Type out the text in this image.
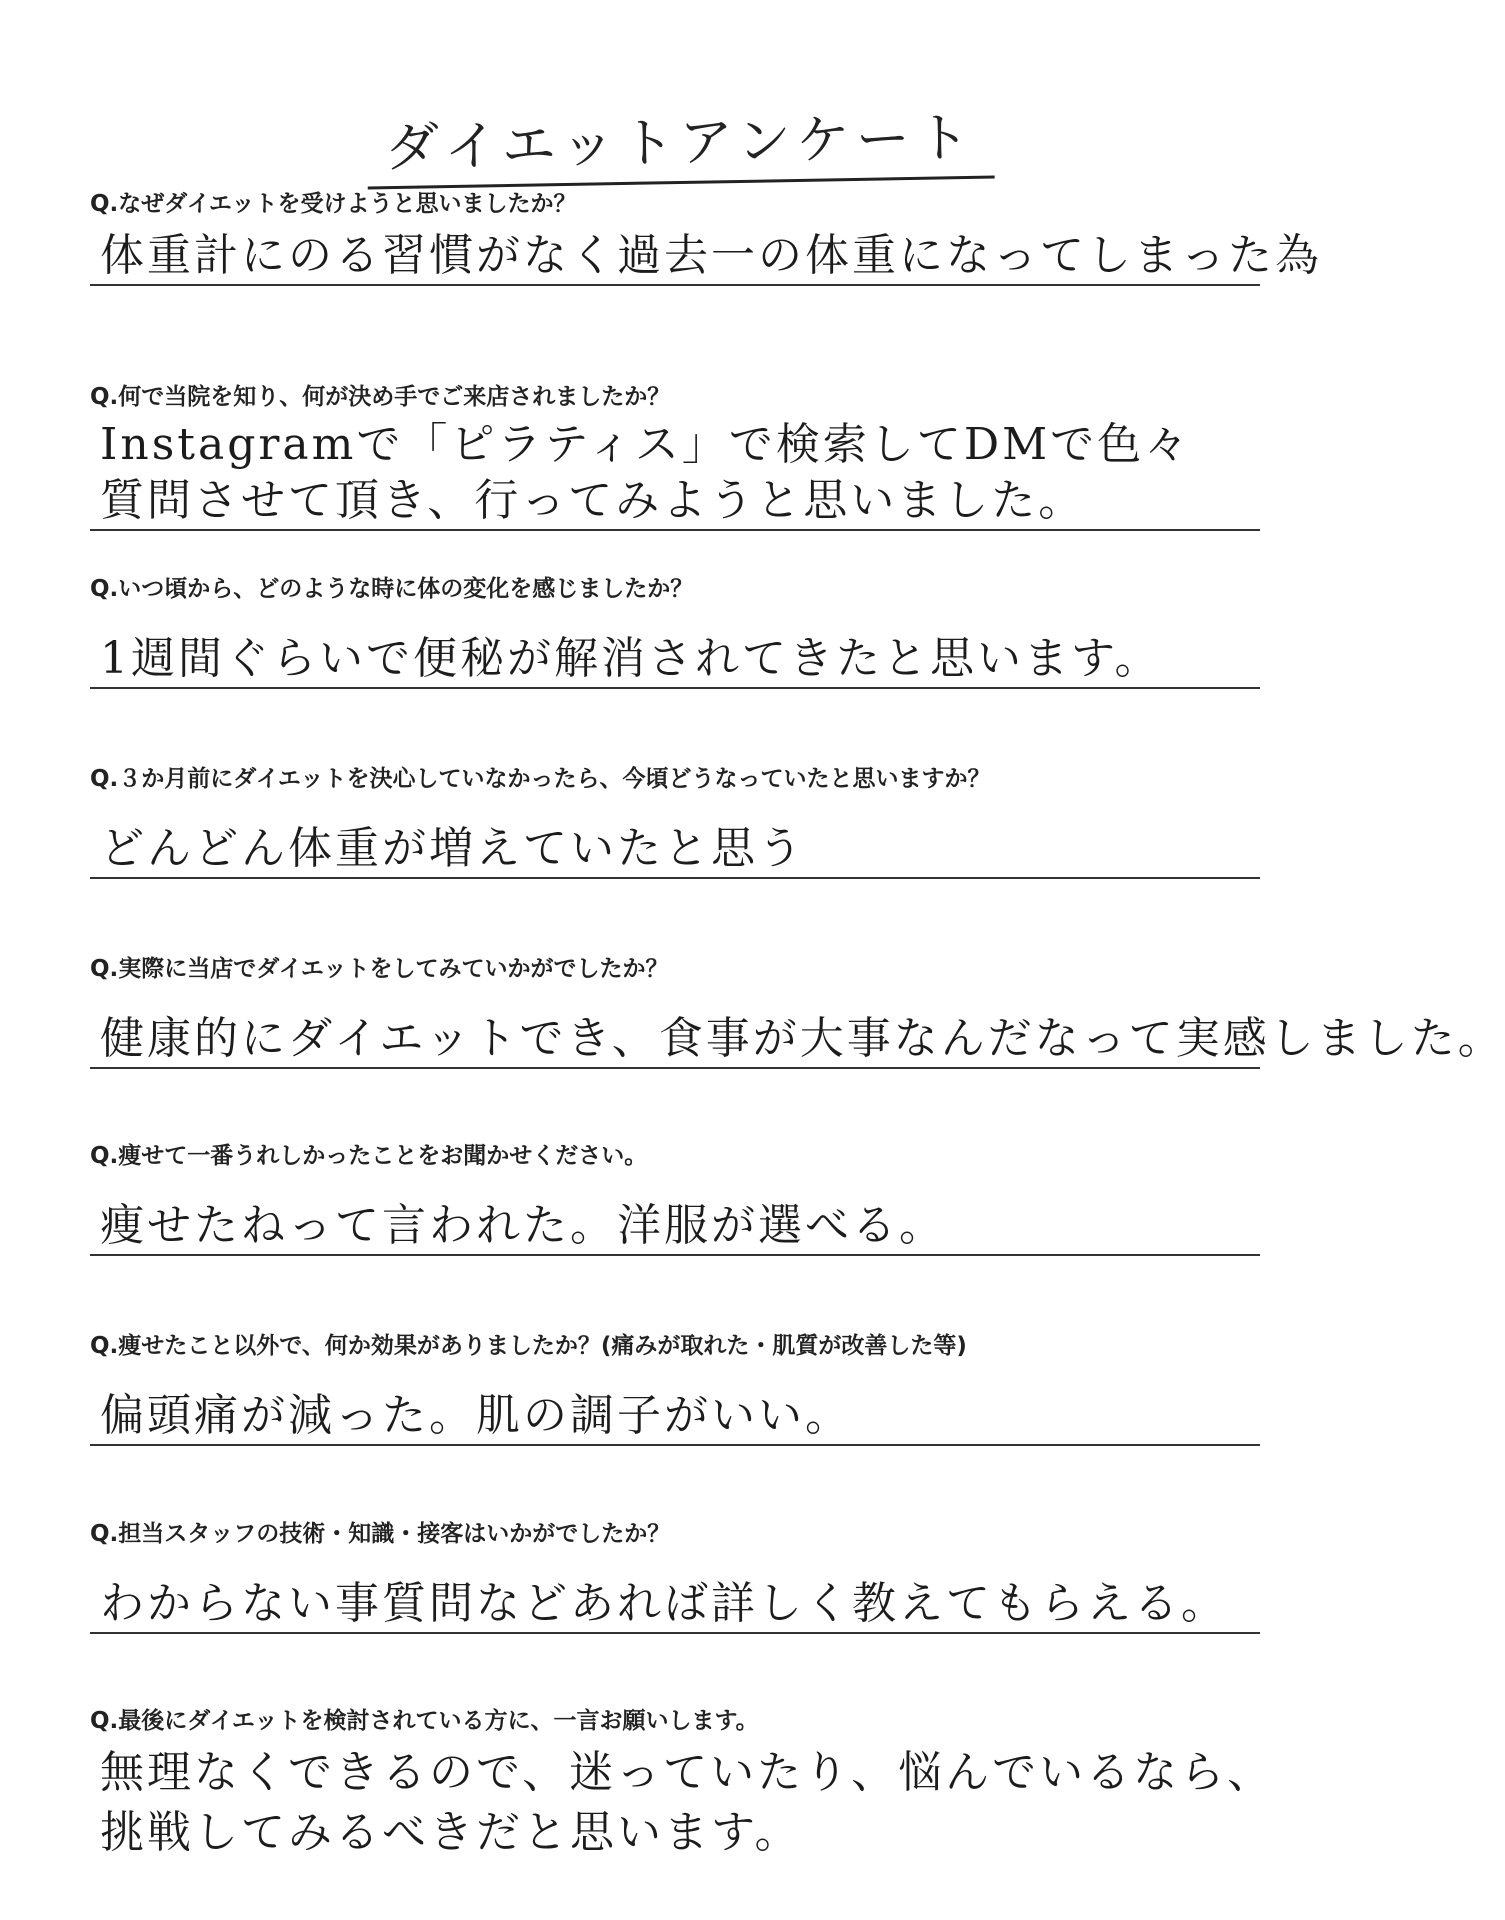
ダイエットアンケート
Q.なぜダイエットを受けようと思いましたか？
体重計にのる習慣がなく過去一の体重になってしまった為
Q.何で当院を知り、何が決め手でご来店されましたか？
Instagramで「ピラティス」で検索してDMで色々
質問させて頂き、行ってみようと思いました。
Q.いつ頃から、どのような時に体の変化を感じましたか？
1週間ぐらいで便秘が解消されてきたと思います。
Q.３か月前にダイエットを決心していなかったら、今頃どうなっていたと思いますか？
どんどん体重が増えていたと思う
Q.実際に当店でダイエットをしてみていかがでしたか？
健康的にダイエットでき、食事が大事なんだなって実感しました。
Q.痩せて一番うれしかったことをお聞かせください。
痩せたねって言われた。洋服が選べる。
Q.痩せたこと以外で、何か効果がありましたか？(痛みが取れた・肌質が改善した等)
偏頭痛が減った。肌の調子がいい。
Q.担当スタッフの技術・知識・接客はいかがでしたか？
わからない事質問などあれば詳しく教えてもらえる。
Q.最後にダイエットを検討されている方に、一言お願いします。
無理なくできるので、迷っていたり、悩んでいるなら、
挑戦してみるべきだと思います。
